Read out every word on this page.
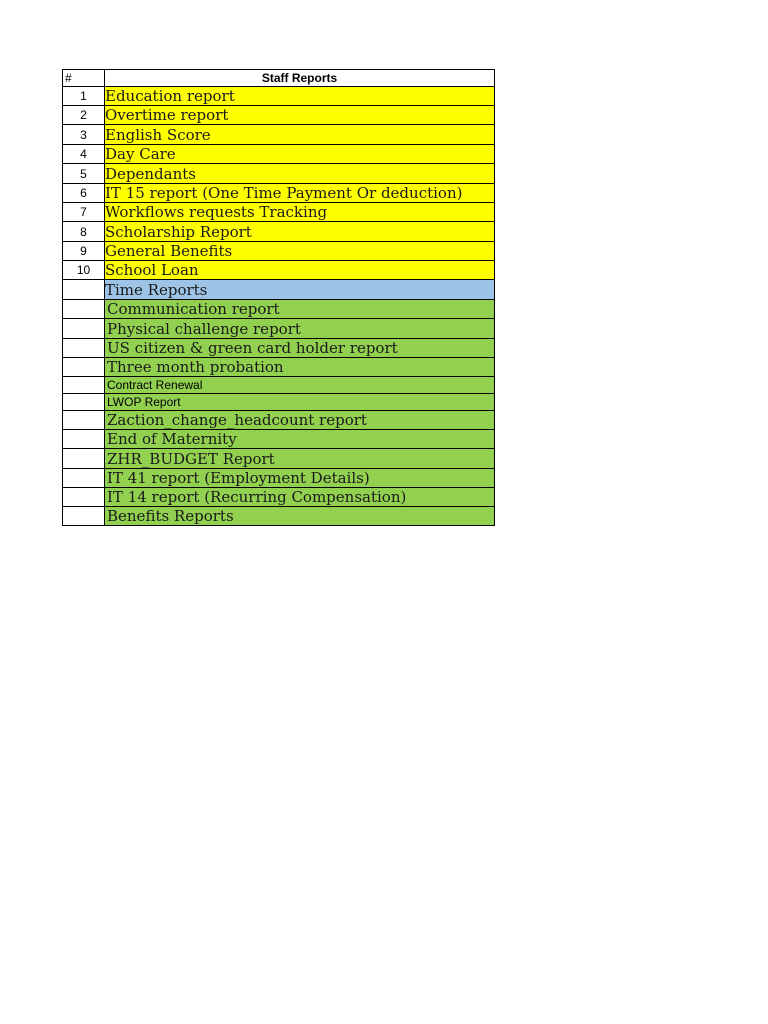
#	Staff Reports
1	Education report
2	Overtime report
3	English Score
4	Day Care
5	Dependants
6	IT 15 report (One Time Payment Or deduction)
7	Workflows requests Tracking
8	Scholarship Report
9	General Benefits
10	School Loan
	Time Reports
	Communication report
	Physical challenge report
	US citizen & green card holder report
	Three month probation
	Contract Renewal
	LWOP Report
	Zaction_change_headcount report
	End of Maternity
	ZHR_BUDGET Report
	IT 41 report (Employment Details)
	IT 14 report (Recurring Compensation)
	Benefits Reports
